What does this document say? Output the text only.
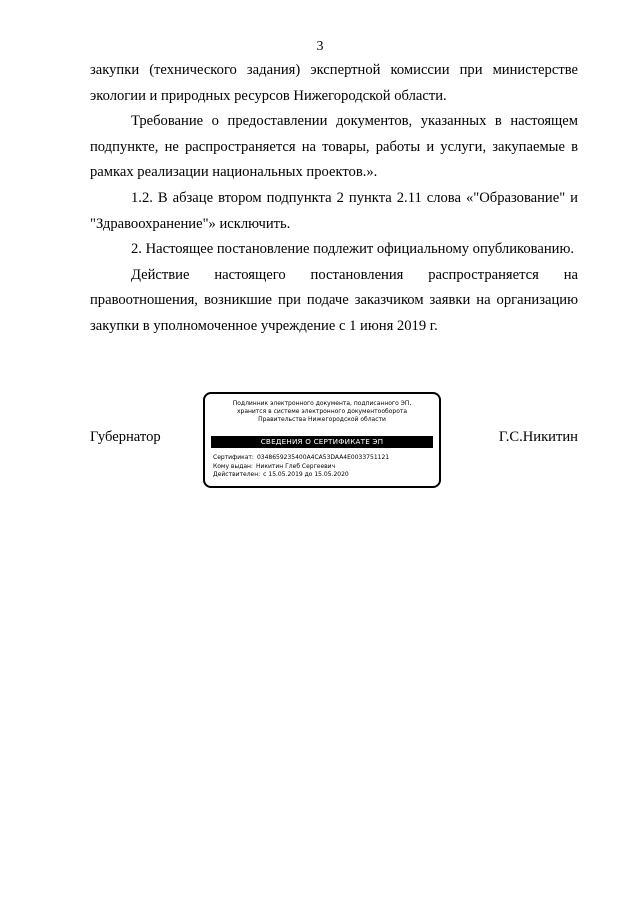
3

закупки (технического задания) экспертной комиссии при министерстве экологии и природных ресурсов Нижегородской области.

Требование о предоставлении документов, указанных в настоящем подпункте, не распространяется на товары, работы и услуги, закупаемые в рамках реализации национальных проектов.».

1.2. В абзаце втором подпункта 2 пункта 2.11 слова «"Образование" и "Здравоохранение"» исключить.

2. Настоящее постановление подлежит официальному опубликованию.

Действие настоящего постановления распространяется на правоотношения, возникшие при подаче заказчиком заявки на организацию закупки в уполномоченное учреждение с 1 июня 2019 г.

Губернатор
Подлинник электронного документа, подписанного ЭП,
хранится в системе электронного документооборота
Правительства Нижегородской области
СВЕДЕНИЯ О СЕРТИФИКАТЕ ЭП
Сертификат: 0348659235400A4CA53DAA4E0033751121
Кому выдан: Никитин Глеб Сергеевич
Действителен: с 15.05.2019 до 15.05.2020
Г.С.Никитин
